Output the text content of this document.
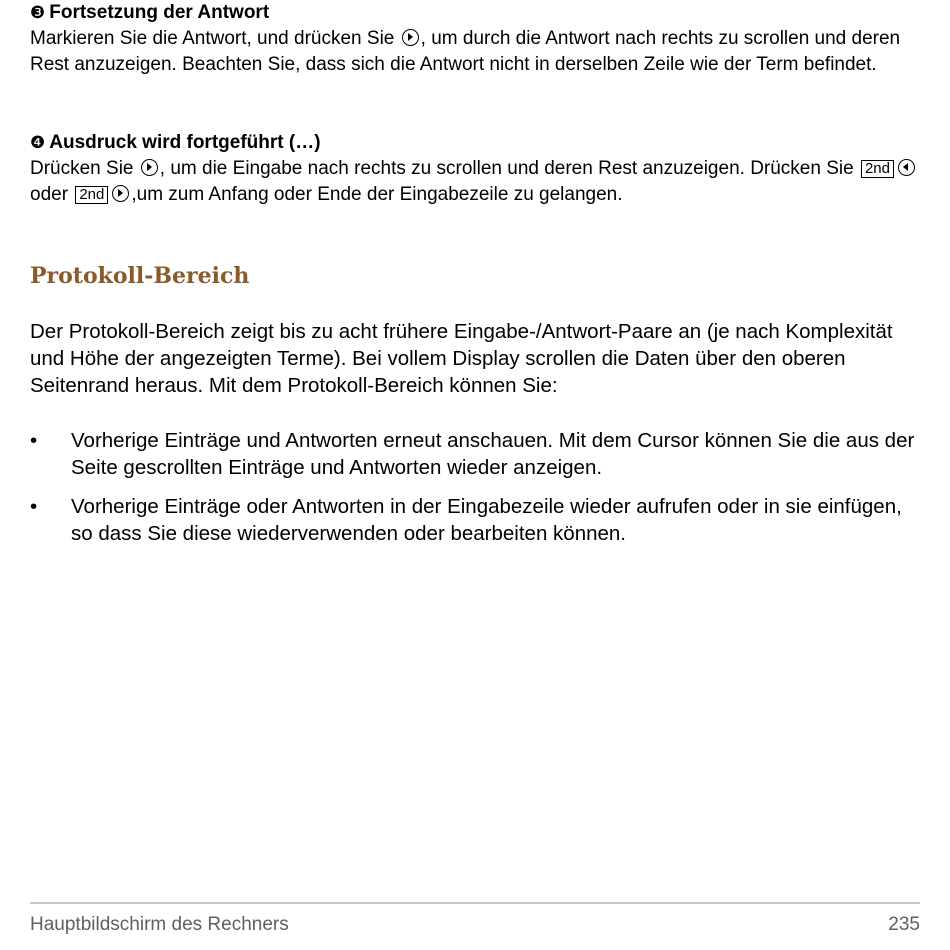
❸ Fortsetzung der Antwort

Markieren Sie die Antwort, und drücken Sie , um durch die Antwort nach rechts zu scrollen und deren Rest anzuzeigen. Beachten Sie, dass sich die Antwort nicht in derselben Zeile wie der Term befindet.

❹ Ausdruck wird fortgeführt (…)

Drücken Sie , um die Eingabe nach rechts zu scrollen und deren Rest anzuzeigen. Drücken Sie 2nd oder 2nd ,um zum Anfang oder Ende der Eingabezeile zu gelangen.

Protokoll-Bereich

Der Protokoll-Bereich zeigt bis zu acht frühere Eingabe-/Antwort-Paare an (je nach Komplexität und Höhe der angezeigten Terme). Bei vollem Display scrollen die Daten über den oberen Seitenrand heraus. Mit dem Protokoll-Bereich können Sie:

• Vorherige Einträge und Antworten erneut anschauen. Mit dem Cursor können Sie die aus der Seite gescrollten Einträge und Antworten wieder anzeigen.
• Vorherige Einträge oder Antworten in der Eingabezeile wieder aufrufen oder in sie einfügen, so dass Sie diese wiederverwenden oder bearbeiten können.
Hauptbildschirm des Rechners	235
